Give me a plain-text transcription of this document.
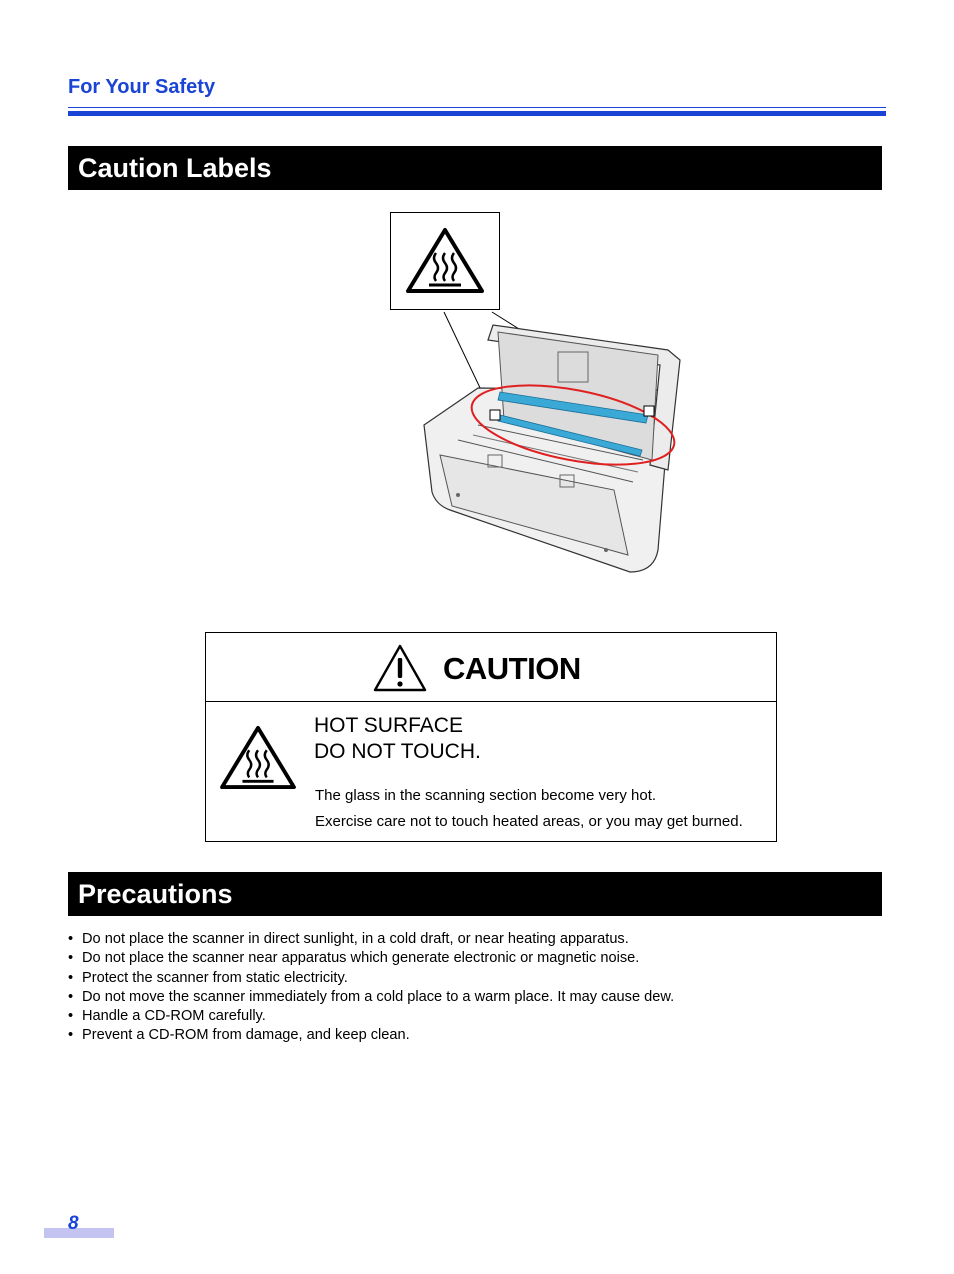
For Your Safety
Caution Labels
CAUTION
HOT SURFACE
DO NOT TOUCH.
The glass in the scanning section become very hot.
Exercise care not to touch heated areas, or you may get burned.
Precautions
• Do not place the scanner in direct sunlight, in a cold draft, or near heating apparatus.
• Do not place the scanner near apparatus which generate electronic or magnetic noise.
• Protect the scanner from static electricity.
• Do not move the scanner immediately from a cold place to a warm place. It may cause dew.
• Handle a CD-ROM carefully.
• Prevent a CD-ROM from damage, and keep clean.
8
